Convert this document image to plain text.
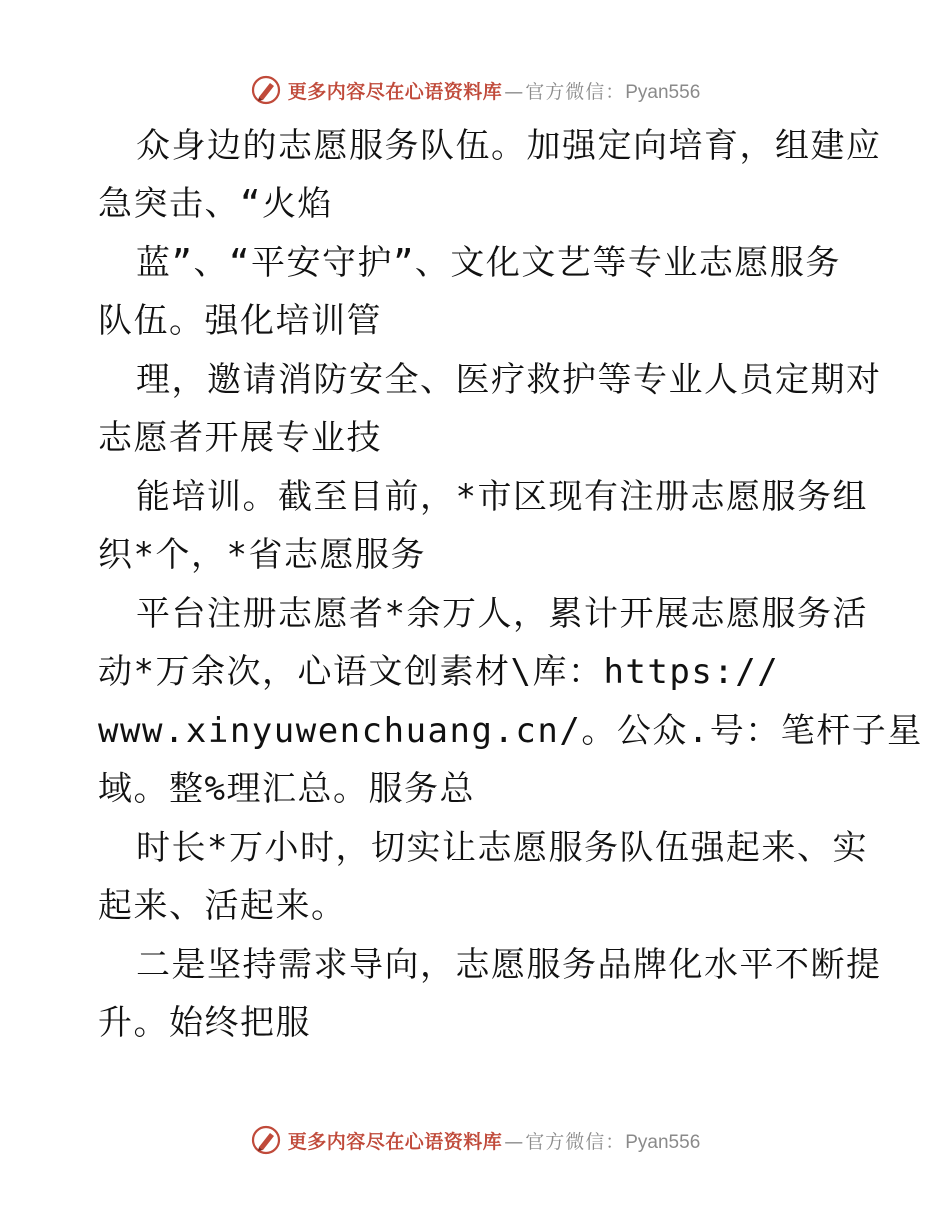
更多内容尽在心语资料库 — 官方微信： Pyan556
众身边的志愿服务队伍。加强定向培育，组建应
急突击、“火焰
蓝”、“平安守护”、文化文艺等专业志愿服务
队伍。强化培训管
理，邀请消防安全、医疗救护等专业人员定期对
志愿者开展专业技
能培训。截至目前，*市区现有注册志愿服务组
织*个，*省志愿服务
平台注册志愿者*余万人，累计开展志愿服务活
动*万余次，心语文创素材\库：https://
www.xinyuwenchuang.cn/。公众.号：笔杆子星
域。整%理汇总。服务总
时长*万小时，切实让志愿服务队伍强起来、实
起来、活起来。
二是坚持需求导向，志愿服务品牌化水平不断提
升。始终把服
更多内容尽在心语资料库 — 官方微信： Pyan556
